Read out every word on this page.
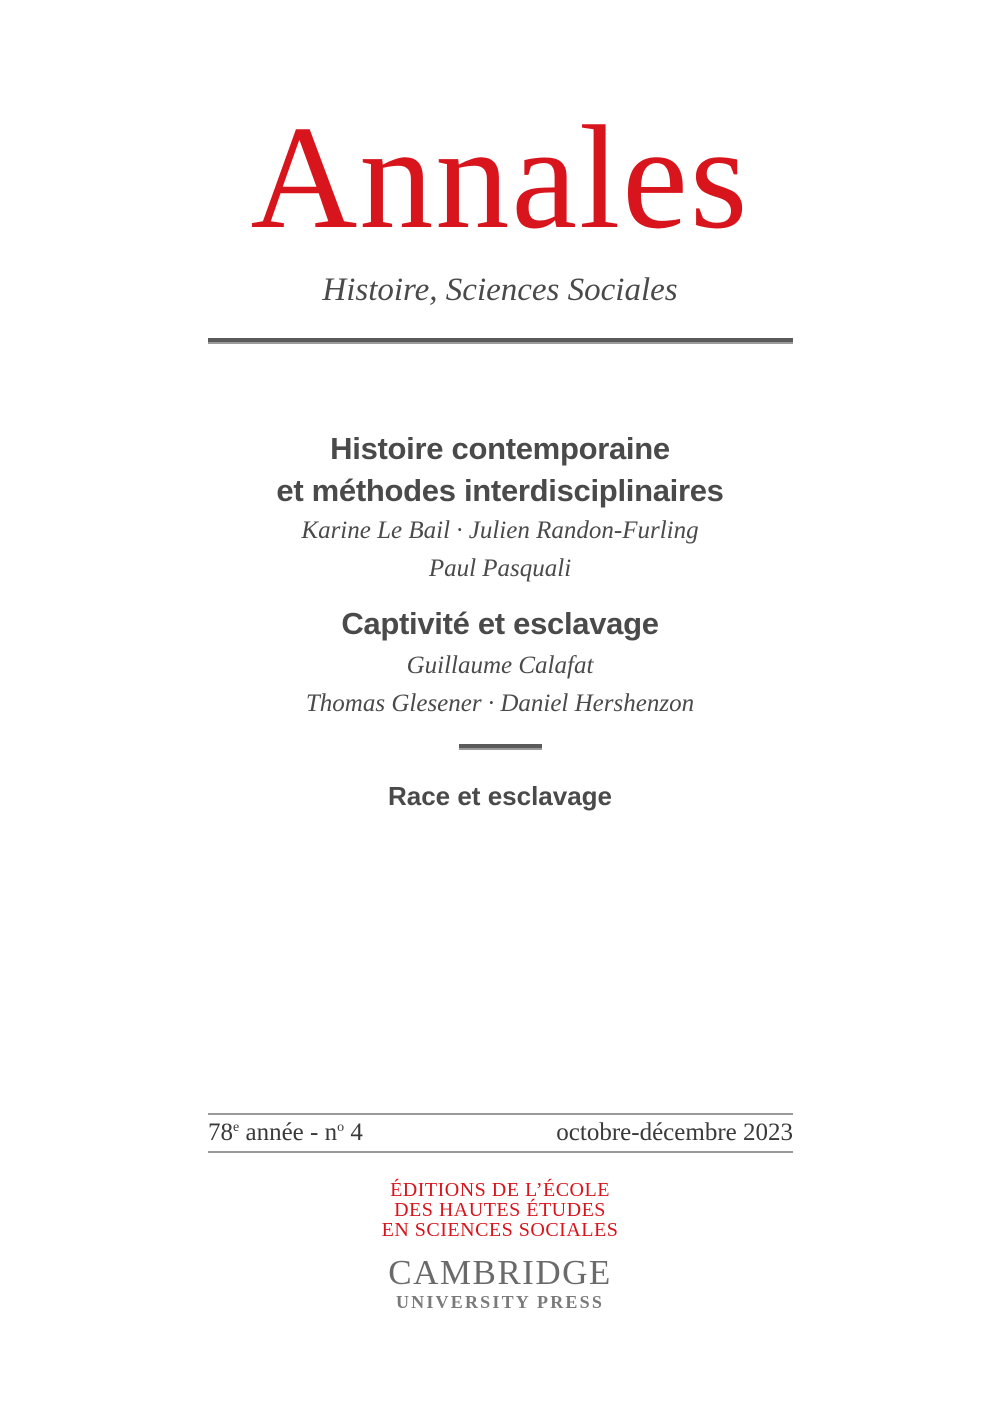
Annales
Histoire, Sciences Sociales
Histoire contemporaine
et méthodes interdisciplinaires
Karine Le Bail · Julien Randon-Furling
Paul Pasquali
Captivité et esclavage
Guillaume Calafat
Thomas Glesener · Daniel Hershenzon
Race et esclavage
78e année - $n^o$ 4	octobre-décembre 2023
ÉDITIONS DE L’ÉCOLE
DES HAUTES ÉTUDES
EN SCIENCES SOCIALES
CAMBRIDGE
UNIVERSITY PRESS
